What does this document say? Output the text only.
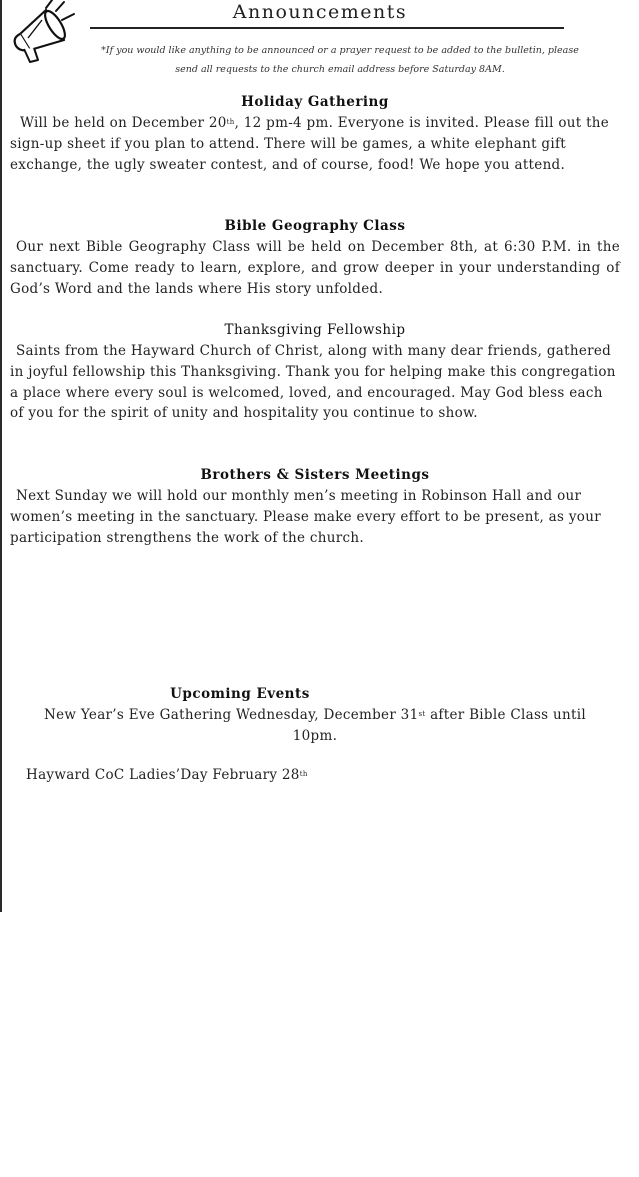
Announcements
*If you would like anything to be announced or a prayer request to be added to the bulletin, please
send all requests to the church email address before Saturday 8AM.
Holiday Gathering
Will be held on December 20th, 12 pm-4 pm. Everyone is invited. Please fill out the sign-up sheet if you plan to attend. There will be games, a white elephant gift exchange, the ugly sweater contest, and of course, food! We hope you attend.
Bible Geography Class
Our next Bible Geography Class will be held on December 8th, at 6:30 P.M. in the sanctuary. Come ready to learn, explore, and grow deeper in your understanding of God’s Word and the lands where His story unfolded.
Thanksgiving Fellowship
Saints from the Hayward Church of Christ, along with many dear friends, gathered in joyful fellowship this Thanksgiving. Thank you for helping make this congregation a place where every soul is welcomed, loved, and encouraged. May God bless each of you for the spirit of unity and hospitality you continue to show.
Brothers & Sisters Meetings
Next Sunday we will hold our monthly men’s meeting in Robinson Hall and our women’s meeting in the sanctuary. Please make every effort to be present, as your participation strengthens the work of the church.
Upcoming Events
New Year’s Eve Gathering Wednesday, December 31st after Bible Class until
10pm.
Hayward CoC Ladies’Day February 28th
